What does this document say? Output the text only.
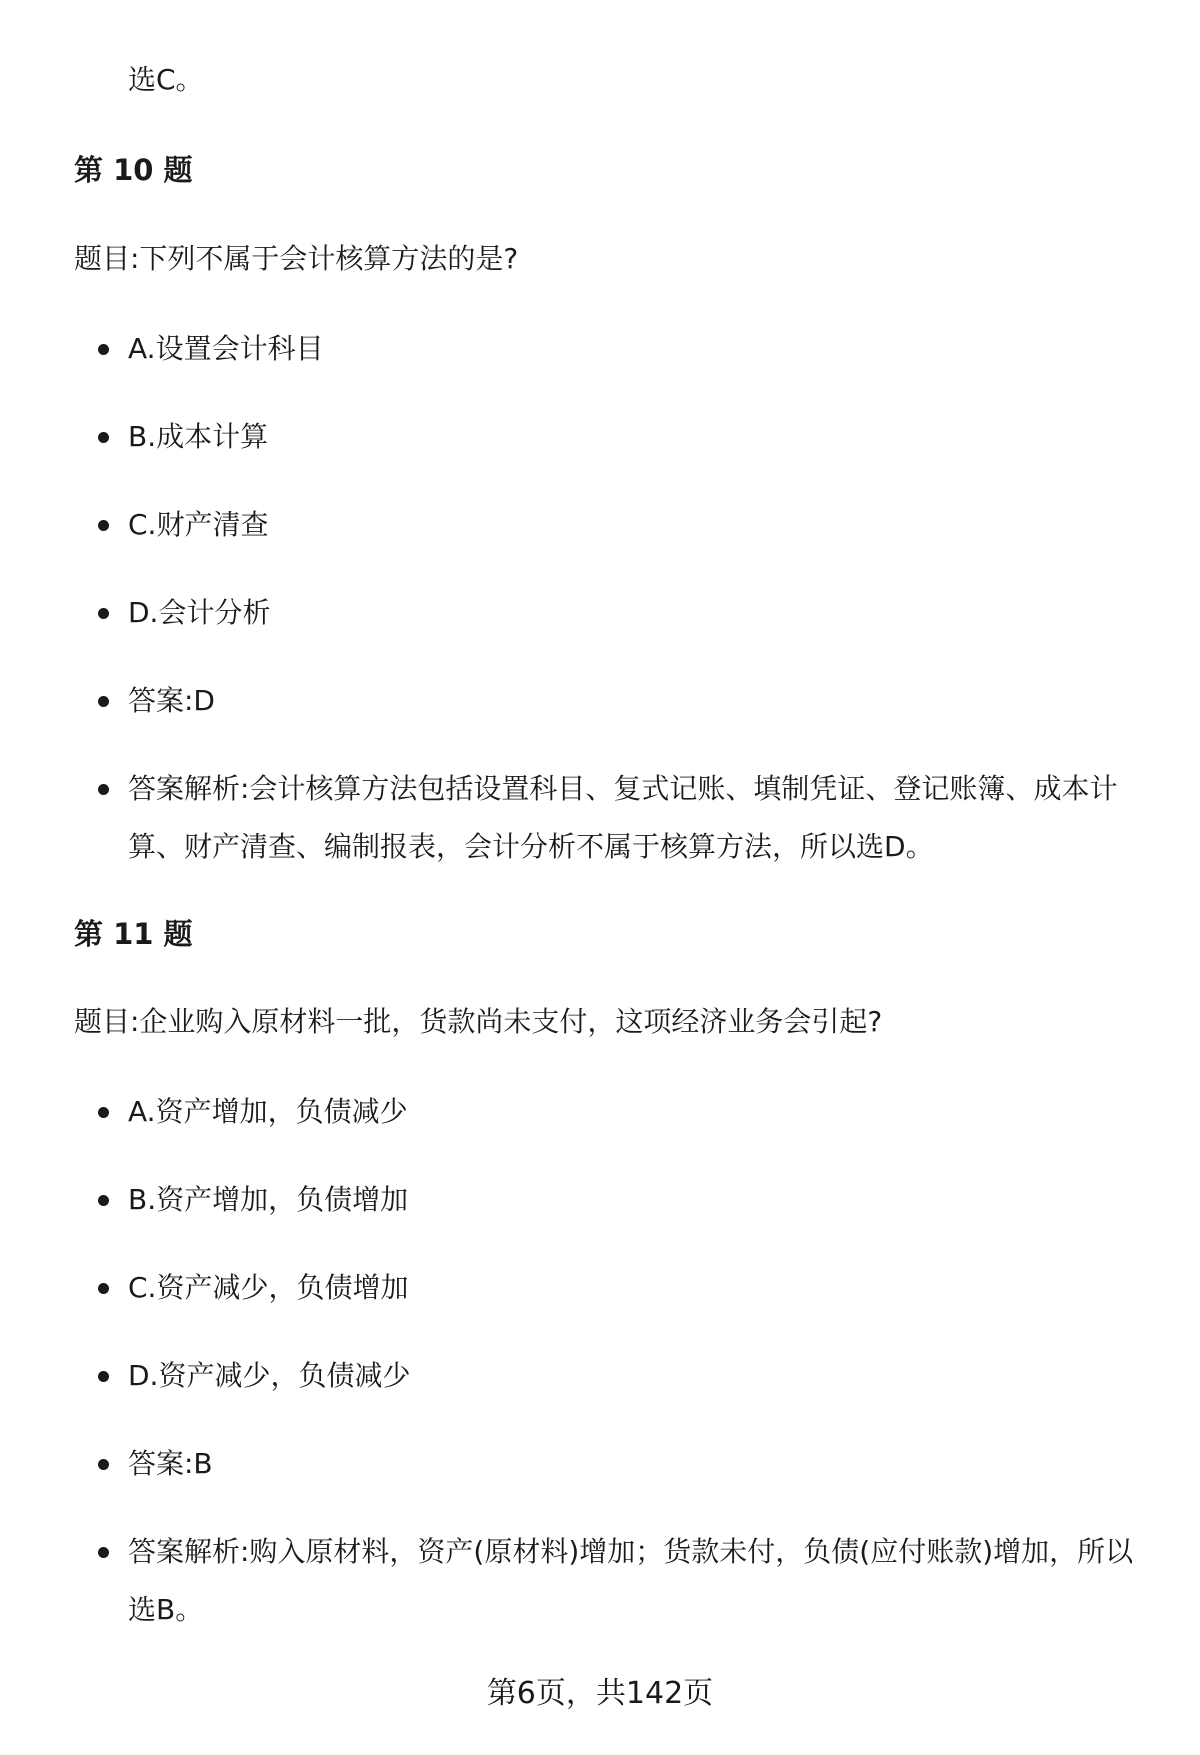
选C。
第 10 题
题目:下列不属于会计核算方法的是?
A.设置会计科目
B.成本计算
C.财产清查
D.会计分析
答案:D
答案解析:会计核算方法包括设置科目、复式记账、填制凭证、登记账簿、成本计算、财产清查、编制报表，会计分析不属于核算方法，所以选D。
第 11 题
题目:企业购入原材料一批，货款尚未支付，这项经济业务会引起?
A.资产增加，负债减少
B.资产增加，负债增加
C.资产减少，负债增加
D.资产减少，负债减少
答案:B
答案解析:购入原材料，资产(原材料)增加；货款未付，负债(应付账款)增加，所以选B。
第6页，共142页
